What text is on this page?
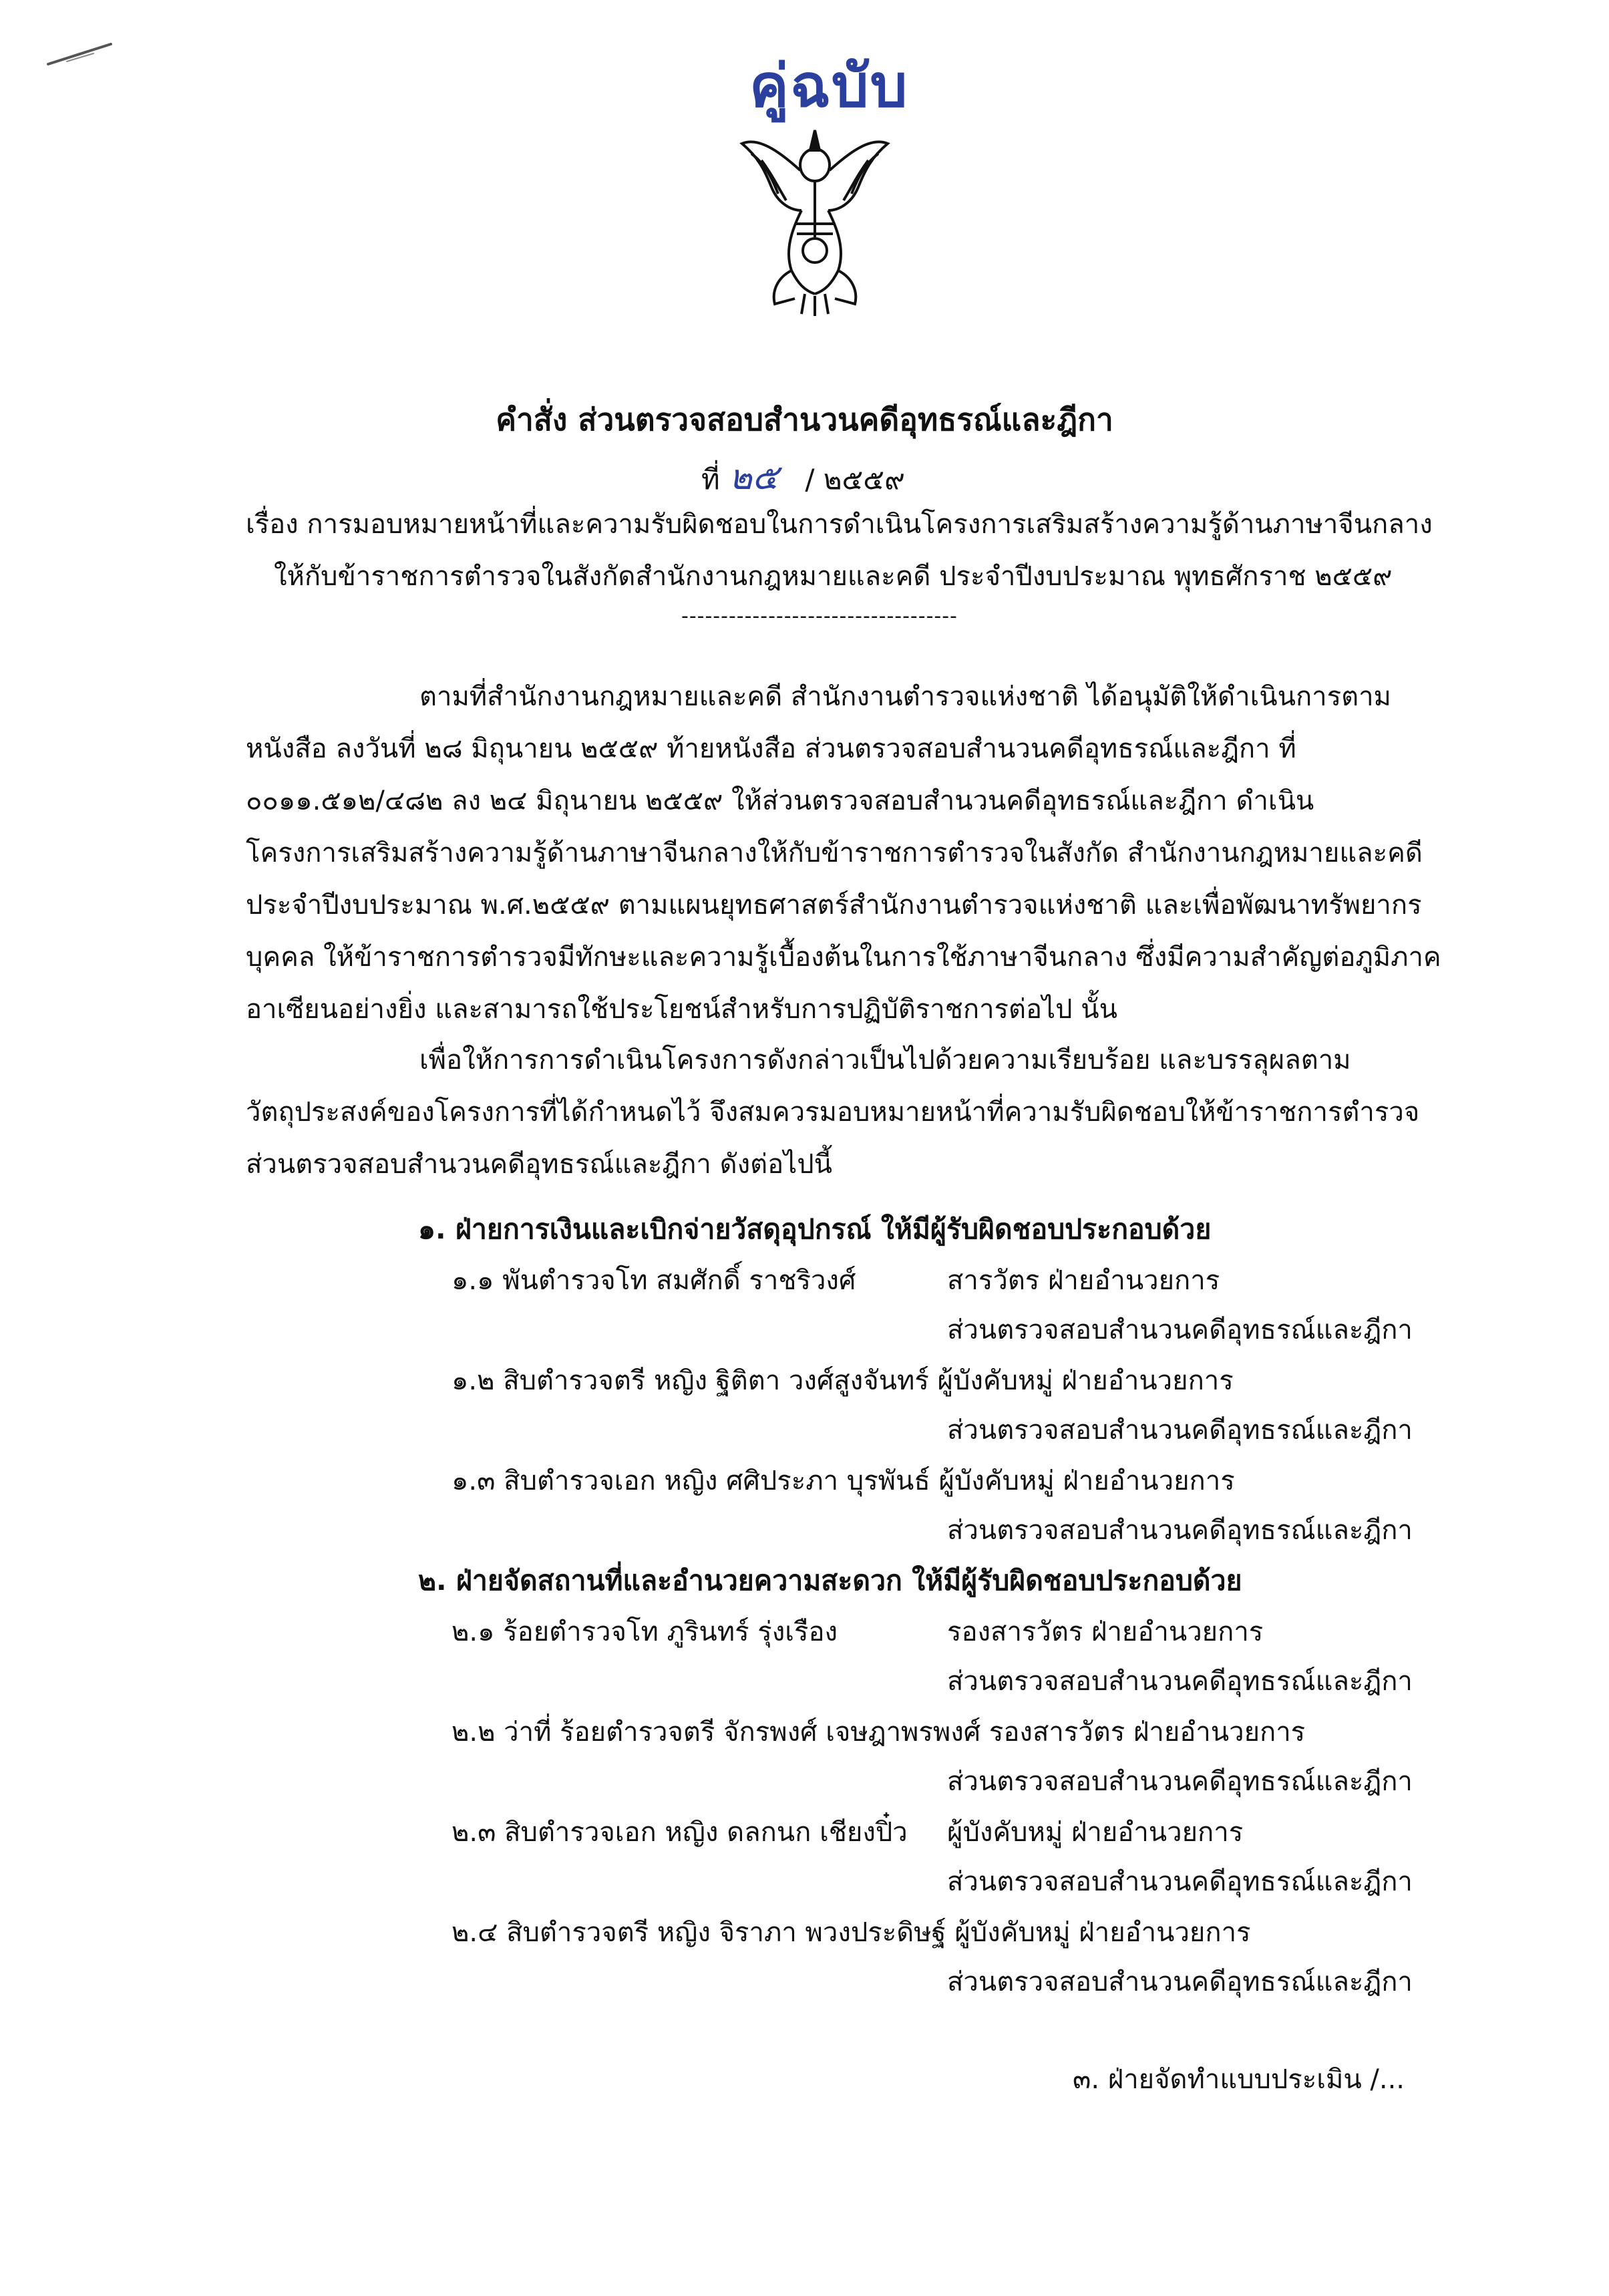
คู่ฉบับ
คำสั่ง ส่วนตรวจสอบสำนวนคดีอุทธรณ์และฎีกา
ที่ ๒๕ / ๒๕๕๙
เรื่อง การมอบหมายหน้าที่และความรับผิดชอบในการดำเนินโครงการเสริมสร้างความรู้ด้านภาษาจีนกลาง
ให้กับข้าราชการตำรวจในสังกัดสำนักงานกฎหมายและคดี ประจำปีงบประมาณ พุทธศักราช ๒๕๕๙
-----------------------------------
ตามที่สำนักงานกฎหมายและคดี สำนักงานตำรวจแห่งชาติ ได้อนุมัติให้ดำเนินการตาม
หนังสือ ลงวันที่ ๒๘ มิถุนายน ๒๕๕๙ ท้ายหนังสือ ส่วนตรวจสอบสำนวนคดีอุทธรณ์และฎีกา ที่
๐๐๑๑.๕๑๒/๔๘๒ ลง ๒๔ มิถุนายน ๒๕๕๙ ให้ส่วนตรวจสอบสำนวนคดีอุทธรณ์และฎีกา ดำเนิน
โครงการเสริมสร้างความรู้ด้านภาษาจีนกลางให้กับข้าราชการตำรวจในสังกัด สำนักงานกฎหมายและคดี
ประจำปีงบประมาณ พ.ศ.๒๕๕๙ ตามแผนยุทธศาสตร์สำนักงานตำรวจแห่งชาติ และเพื่อพัฒนาทรัพยากร
บุคคล ให้ข้าราชการตำรวจมีทักษะและความรู้เบื้องต้นในการใช้ภาษาจีนกลาง ซึ่งมีความสำคัญต่อภูมิภาค
อาเซียนอย่างยิ่ง และสามารถใช้ประโยชน์สำหรับการปฏิบัติราชการต่อไป นั้น
เพื่อให้การการดำเนินโครงการดังกล่าวเป็นไปด้วยความเรียบร้อย และบรรลุผลตาม
วัตถุประสงค์ของโครงการที่ได้กำหนดไว้ จึงสมควรมอบหมายหน้าที่ความรับผิดชอบให้ข้าราชการตำรวจ
ส่วนตรวจสอบสำนวนคดีอุทธรณ์และฎีกา ดังต่อไปนี้
๑. ฝ่ายการเงินและเบิกจ่ายวัสดุอุปกรณ์ ให้มีผู้รับผิดชอบประกอบด้วย
๑.๑ พันตำรวจโท สมศักดิ์ ราชริวงศ์	สารวัตร ฝ่ายอำนวยการ
ส่วนตรวจสอบสำนวนคดีอุทธรณ์และฎีกา
๑.๒ สิบตำรวจตรี หญิง ฐิติตา วงศ์สูงจันทร์ ผู้บังคับหมู่ ฝ่ายอำนวยการ
ส่วนตรวจสอบสำนวนคดีอุทธรณ์และฎีกา
๑.๓ สิบตำรวจเอก หญิง ศศิประภา บุรพันธ์ ผู้บังคับหมู่ ฝ่ายอำนวยการ
ส่วนตรวจสอบสำนวนคดีอุทธรณ์และฎีกา
๒. ฝ่ายจัดสถานที่และอำนวยความสะดวก ให้มีผู้รับผิดชอบประกอบด้วย
๒.๑ ร้อยตำรวจโท ภูรินทร์ รุ่งเรือง	รองสารวัตร ฝ่ายอำนวยการ
ส่วนตรวจสอบสำนวนคดีอุทธรณ์และฎีกา
๒.๒ ว่าที่ ร้อยตำรวจตรี จักรพงศ์ เจษฎาพรพงศ์ รองสารวัตร ฝ่ายอำนวยการ
ส่วนตรวจสอบสำนวนคดีอุทธรณ์และฎีกา
๒.๓ สิบตำรวจเอก หญิง ดลกนก เชียงปิ๋ว ผู้บังคับหมู่ ฝ่ายอำนวยการ
ส่วนตรวจสอบสำนวนคดีอุทธรณ์และฎีกา
๒.๔ สิบตำรวจตรี หญิง จิราภา พวงประดิษฐ์ ผู้บังคับหมู่ ฝ่ายอำนวยการ
ส่วนตรวจสอบสำนวนคดีอุทธรณ์และฎีกา
๓. ฝ่ายจัดทำแบบประเมิน /...
